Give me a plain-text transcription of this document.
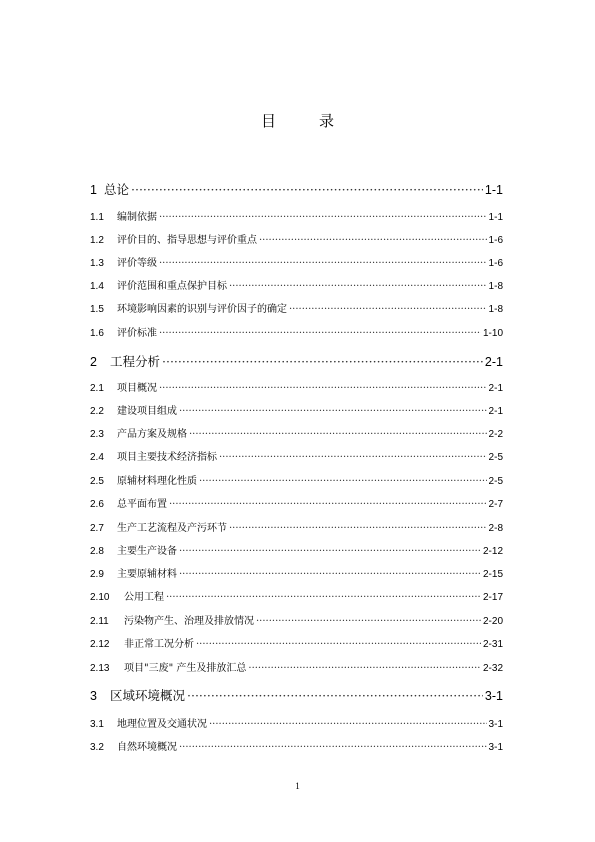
目　录
1 总论 ·····	1-1
1.1	编制依据 ·····	1-1
1.2	评价目的、指导思想与评价重点 ·····	1-6
1.3	评价等级 ·····	1-6
1.4	评价范围和重点保护目标 ·····	1-8
1.5	环境影响因素的识别与评价因子的确定 ·····	1-8
1.6	评价标准 ·····	1-10
2	工程分析 ·····	2-1
2.1	项目概况 ·····	2-1
2.2	建设项目组成 ·····	2-1
2.3	产品方案及规格 ·····	2-2
2.4	项目主要技术经济指标 ·····	2-5
2.5	原辅材料理化性质 ·····	2-5
2.6	总平面布置 ·····	2-7
2.7	生产工艺流程及产污环节 ·····	2-8
2.8	主要生产设备 ·····	2-12
2.9	主要原辅材料 ·····	2-15
2.10	公用工程 ·····	2-17
2.11	污染物产生、治理及排放情况 ·····	2-20
2.12	非正常工况分析 ·····	2-31
2.13	项目"三废" 产生及排放汇总 ·····	2-32
3	区域环境概况 ·····	3-1
3.1	地理位置及交通状况 ·····	3-1
3.2	自然环境概况 ·····	3-1
1
